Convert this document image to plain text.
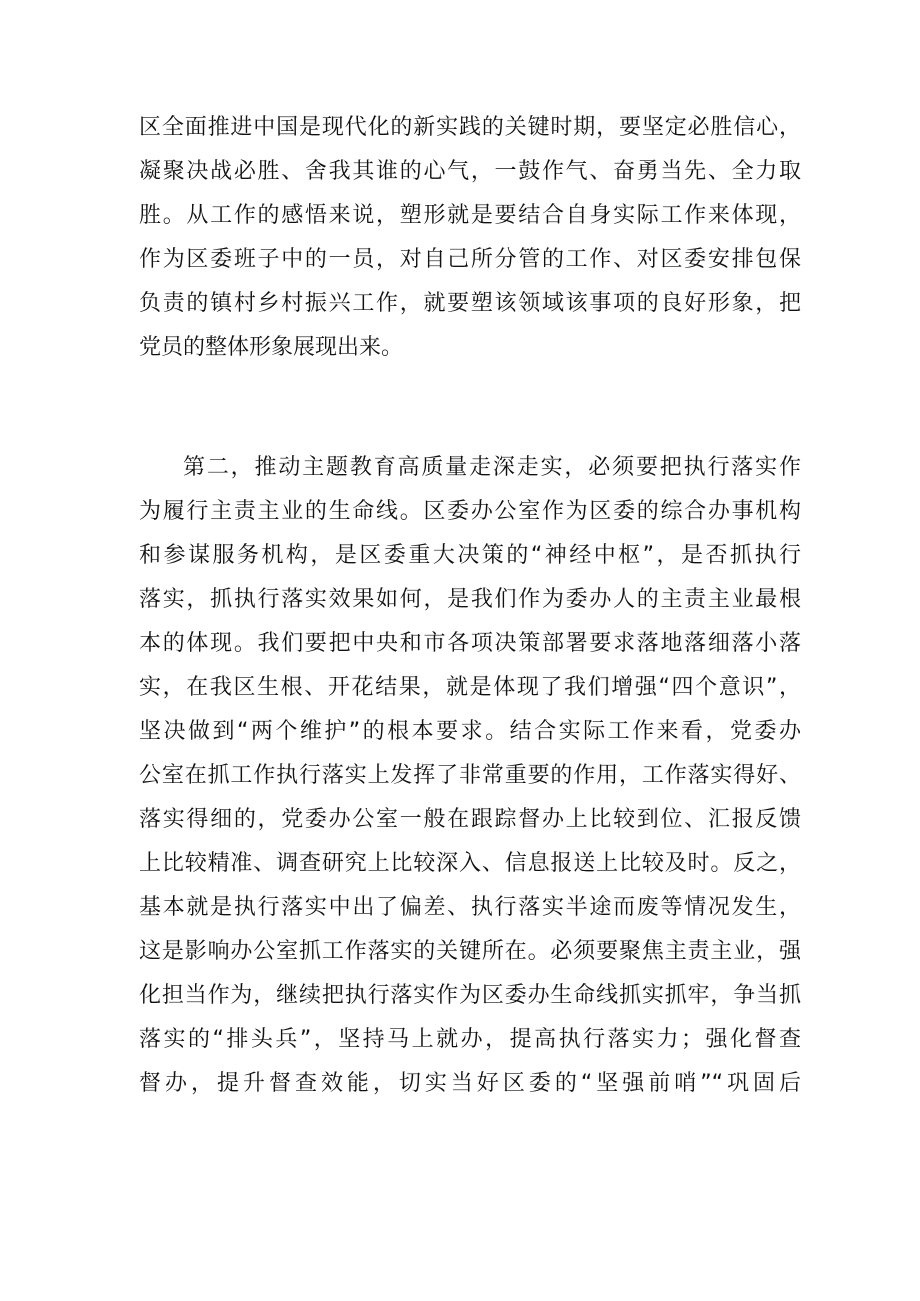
区全面推进中国是现代化的新实践的关键时期，要坚定必胜信心，
凝聚决战必胜、舍我其谁的心气，一鼓作气、奋勇当先、全力取
胜。从工作的感悟来说，塑形就是要结合自身实际工作来体现，
作为区委班子中的一员，对自己所分管的工作、对区委安排包保
负责的镇村乡村振兴工作，就要塑该领域该事项的良好形象，把
党员的整体形象展现出来。
第二，推动主题教育高质量走深走实，必须要把执行落实作
为履行主责主业的生命线。区委办公室作为区委的综合办事机构
和参谋服务机构，是区委重大决策的“神经中枢”，是否抓执行
落实，抓执行落实效果如何，是我们作为委办人的主责主业最根
本的体现。我们要把中央和市各项决策部署要求落地落细落小落
实，在我区生根、开花结果，就是体现了我们增强“四个意识”，
坚决做到“两个维护”的根本要求。结合实际工作来看，党委办
公室在抓工作执行落实上发挥了非常重要的作用，工作落实得好、
落实得细的，党委办公室一般在跟踪督办上比较到位、汇报反馈
上比较精准、调查研究上比较深入、信息报送上比较及时。反之，
基本就是执行落实中出了偏差、执行落实半途而废等情况发生，
这是影响办公室抓工作落实的关键所在。必须要聚焦主责主业，强
化担当作为，继续把执行落实作为区委办生命线抓实抓牢，争当抓
落实的“排头兵”，坚持马上就办，提高执行落实力；强化督查
督办，提升督查效能，切实当好区委的“坚强前哨”“巩固后
